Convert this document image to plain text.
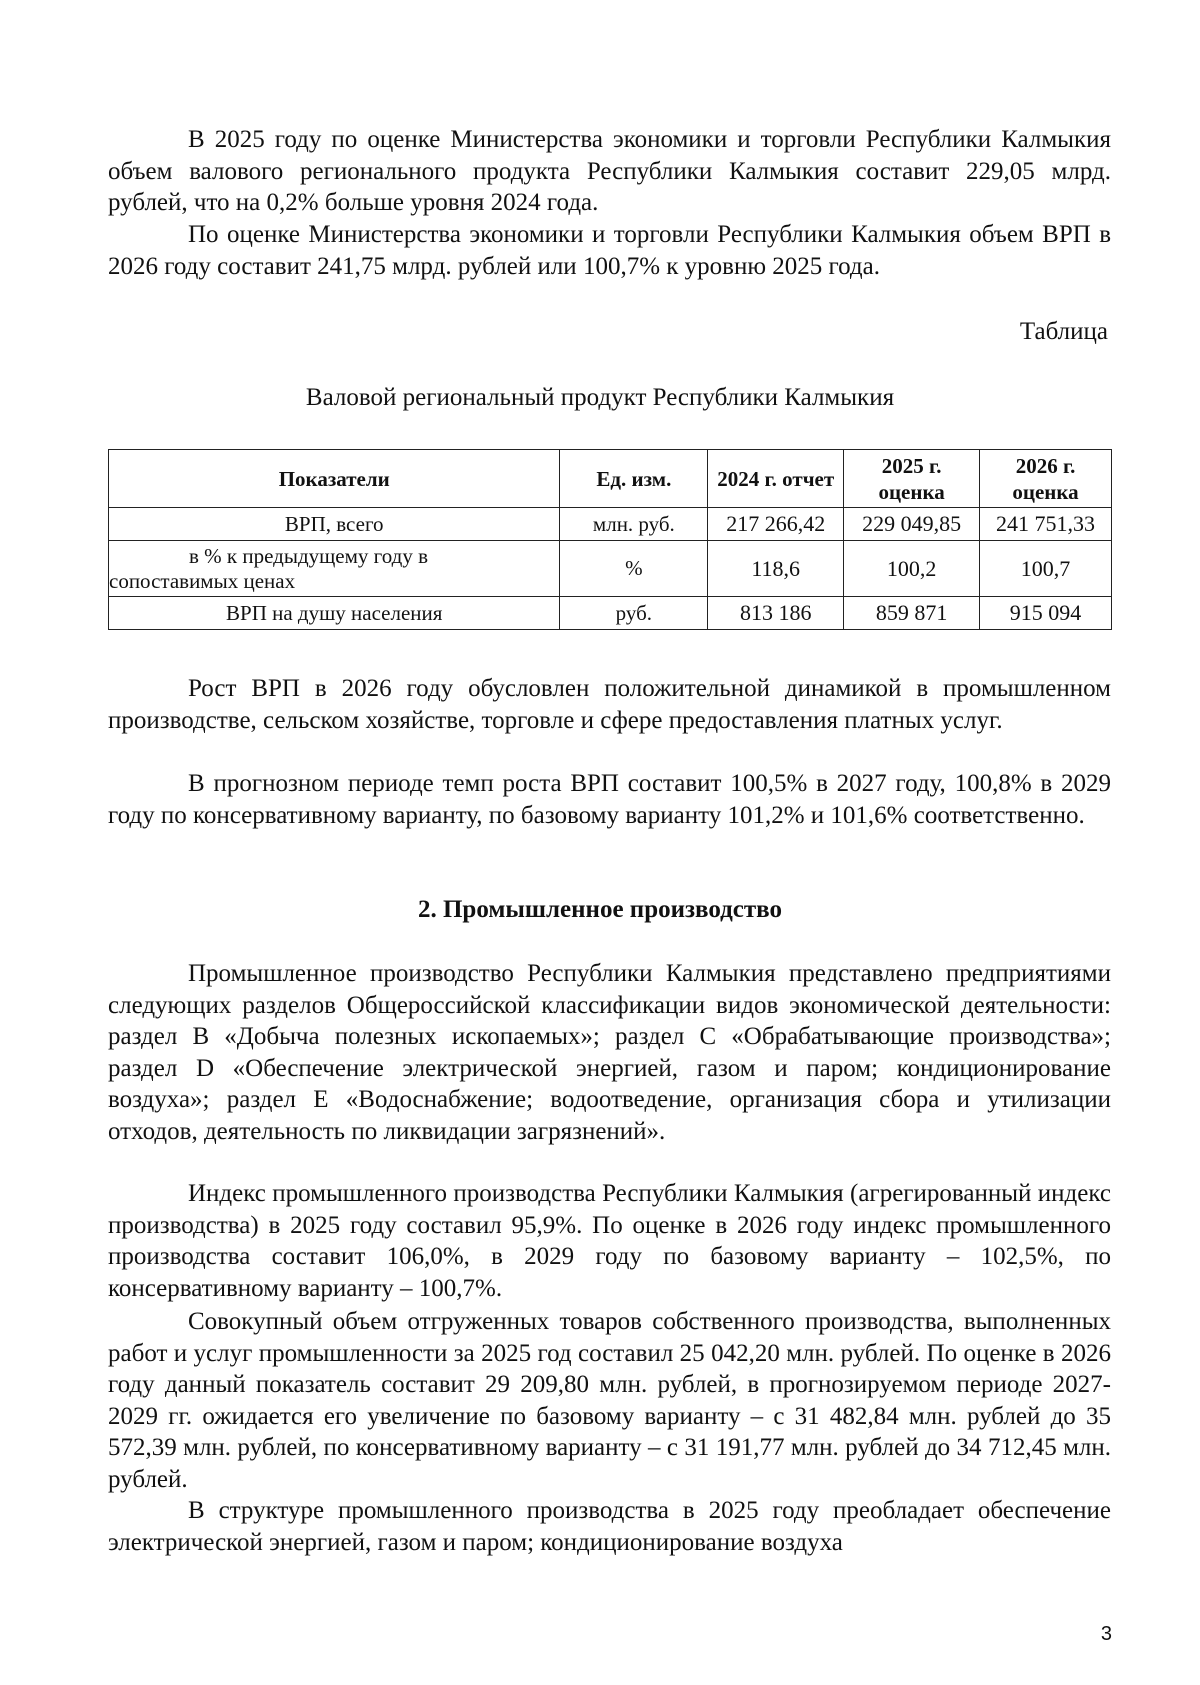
В 2025 году по оценке Министерства экономики и торговли Республики Калмыкия объем валового регионального продукта Республики Калмыкия составит 229,05 млрд. рублей, что на 0,2% больше уровня 2024 года.

По оценке Министерства экономики и торговли Республики Калмыкия объем ВРП в 2026 году составит 241,75 млрд. рублей или 100,7% к уровню 2025 года.

Таблица
Валовой региональный продукт Республики Калмыкия
Показатели	Ед. изм.	2024 г. отчет	2025 г. оценка	2026 г. оценка
ВРП, всего	млн. руб.	217 266,42	229 049,85	241 751,33

в % к предыдущему году в сопоставимых ценах	%	118,6	100,2	100,7
ВРП на душу населения	руб.	813 186	859 871	915 094

Рост ВРП в 2026 году обусловлен положительной динамикой в промышленном производстве, сельском хозяйстве, торговле и сфере предоставления платных услуг.

В прогнозном периоде темп роста ВРП составит 100,5% в 2027 году, 100,8% в 2029 году по консервативному варианту, по базовому варианту 101,2% и 101,6% соответственно.

2. Промышленное производство

Промышленное производство Республики Калмыкия представлено предприятиями следующих разделов Общероссийской классификации видов экономической деятельности: раздел B «Добыча полезных ископаемых»; раздел C «Обрабатывающие производства»; раздел D «Обеспечение электрической энергией, газом и паром; кондиционирование воздуха»; раздел E «Водоснабжение; водоотведение, организация сбора и утилизации отходов, деятельность по ликвидации загрязнений».

Индекс промышленного производства Республики Калмыкия (агрегированный индекс производства) в 2025 году составил 95,9%. По оценке в 2026 году индекс промышленного производства составит 106,0%, в 2029 году по базовому варианту – 102,5%, по консервативному варианту – 100,7%.

Совокупный объем отгруженных товаров собственного производства, выполненных работ и услуг промышленности за 2025 год составил 25 042,20 млн. рублей. По оценке в 2026 году данный показатель составит 29 209,80 млн. рублей, в прогнозируемом периоде 2027-2029 гг. ожидается его увеличение по базовому варианту – с 31 482,84 млн. рублей до 35 572,39 млн. рублей, по консервативному варианту – с 31 191,77 млн. рублей до 34 712,45 млн. рублей.

В структуре промышленного производства в 2025 году преобладает обеспечение электрической энергией, газом и паром; кондиционирование воздуха

3
